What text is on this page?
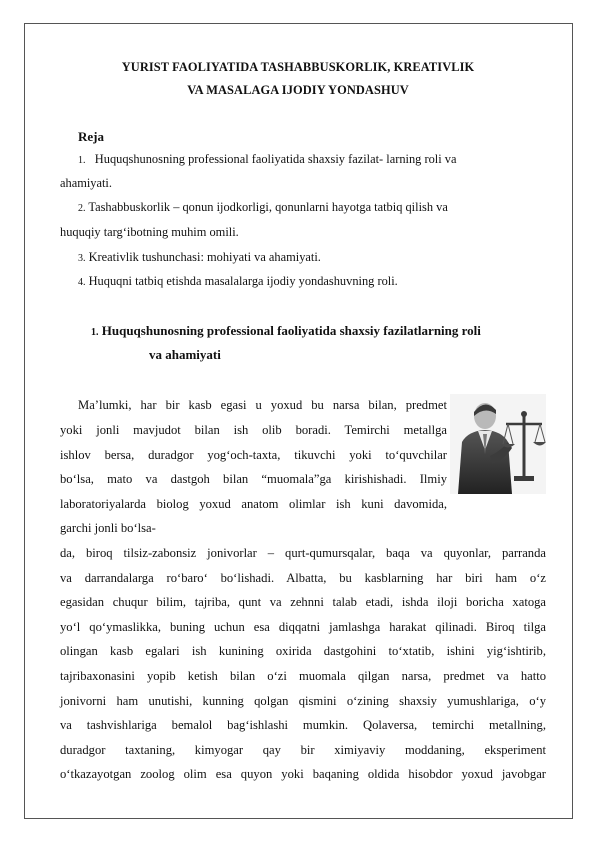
YURIST FAOLIYATIDA TASHABBUSKORLIK, KREATIVLIK
VA MASALAGA IJODIY YONDASHUV
Reja
1. Huquqshunosning professional faoliyatida shaxsiy fazilat- larning roli va
ahamiyati.
2. Tashabbuskorlik – qonun ijodkorligi, qonunlarni hayotga tatbiq qilish va
huquqiy targ‘ibotning muhim omili.
3. Kreativlik tushunchasi: mohiyati va ahamiyati.
4. Huquqni tatbiq etishda masalalarga ijodiy yondashuvning roli.
1. Huquqshunosning professional faoliyatida shaxsiy fazilatlarning roli
va ahamiyati
Ma’lumki, har bir kasb egasi u yoxud bu narsa bilan, predmet
yoki jonli mavjudot bilan ish olib boradi. Temirchi metallga
ishlov bersa, duradgor yog‘och-taxta, tikuvchi yoki to‘quvchilar
bo‘lsa, mato va dastgoh bilan “muomala”ga kirishishadi. Ilmiy
laboratoriyalarda biolog yoxud anatom olimlar ish kuni davomida,
garchi jonli bo‘lsa-
da, biroq tilsiz-zabonsiz jonivorlar – qurt-qumursqalar, baqa va quyonlar, parranda
va darrandalarga ro‘baro‘ bo‘lishadi. Albatta, bu kasblarning har biri ham o‘z
egasidan chuqur bilim, tajriba, qunt va zehnni talab etadi, ishda iloji boricha xatoga
yo‘l qo‘ymaslikka, buning uchun esa diqqatni jamlashga harakat qilinadi. Biroq tilga
olingan kasb egalari ish kunining oxirida dastgohini to‘xtatib, ishini yig‘ishtirib,
tajribaxonasini yopib ketish bilan o‘zi muomala qilgan narsa, predmet va hatto
jonivorni ham unutishi, kunning qolgan qismini o‘zining shaxsiy yumushlariga, o‘y
va tashvishlariga bemalol bag‘ishlashi mumkin. Qolaversa, temirchi metallning,
duradgor taxtaning, kimyogar qay bir ximiyaviy moddaning, eksperiment
o‘tkazayotgan zoolog olim esa quyon yoki baqaning oldida hisobdor yoxud javobgar
